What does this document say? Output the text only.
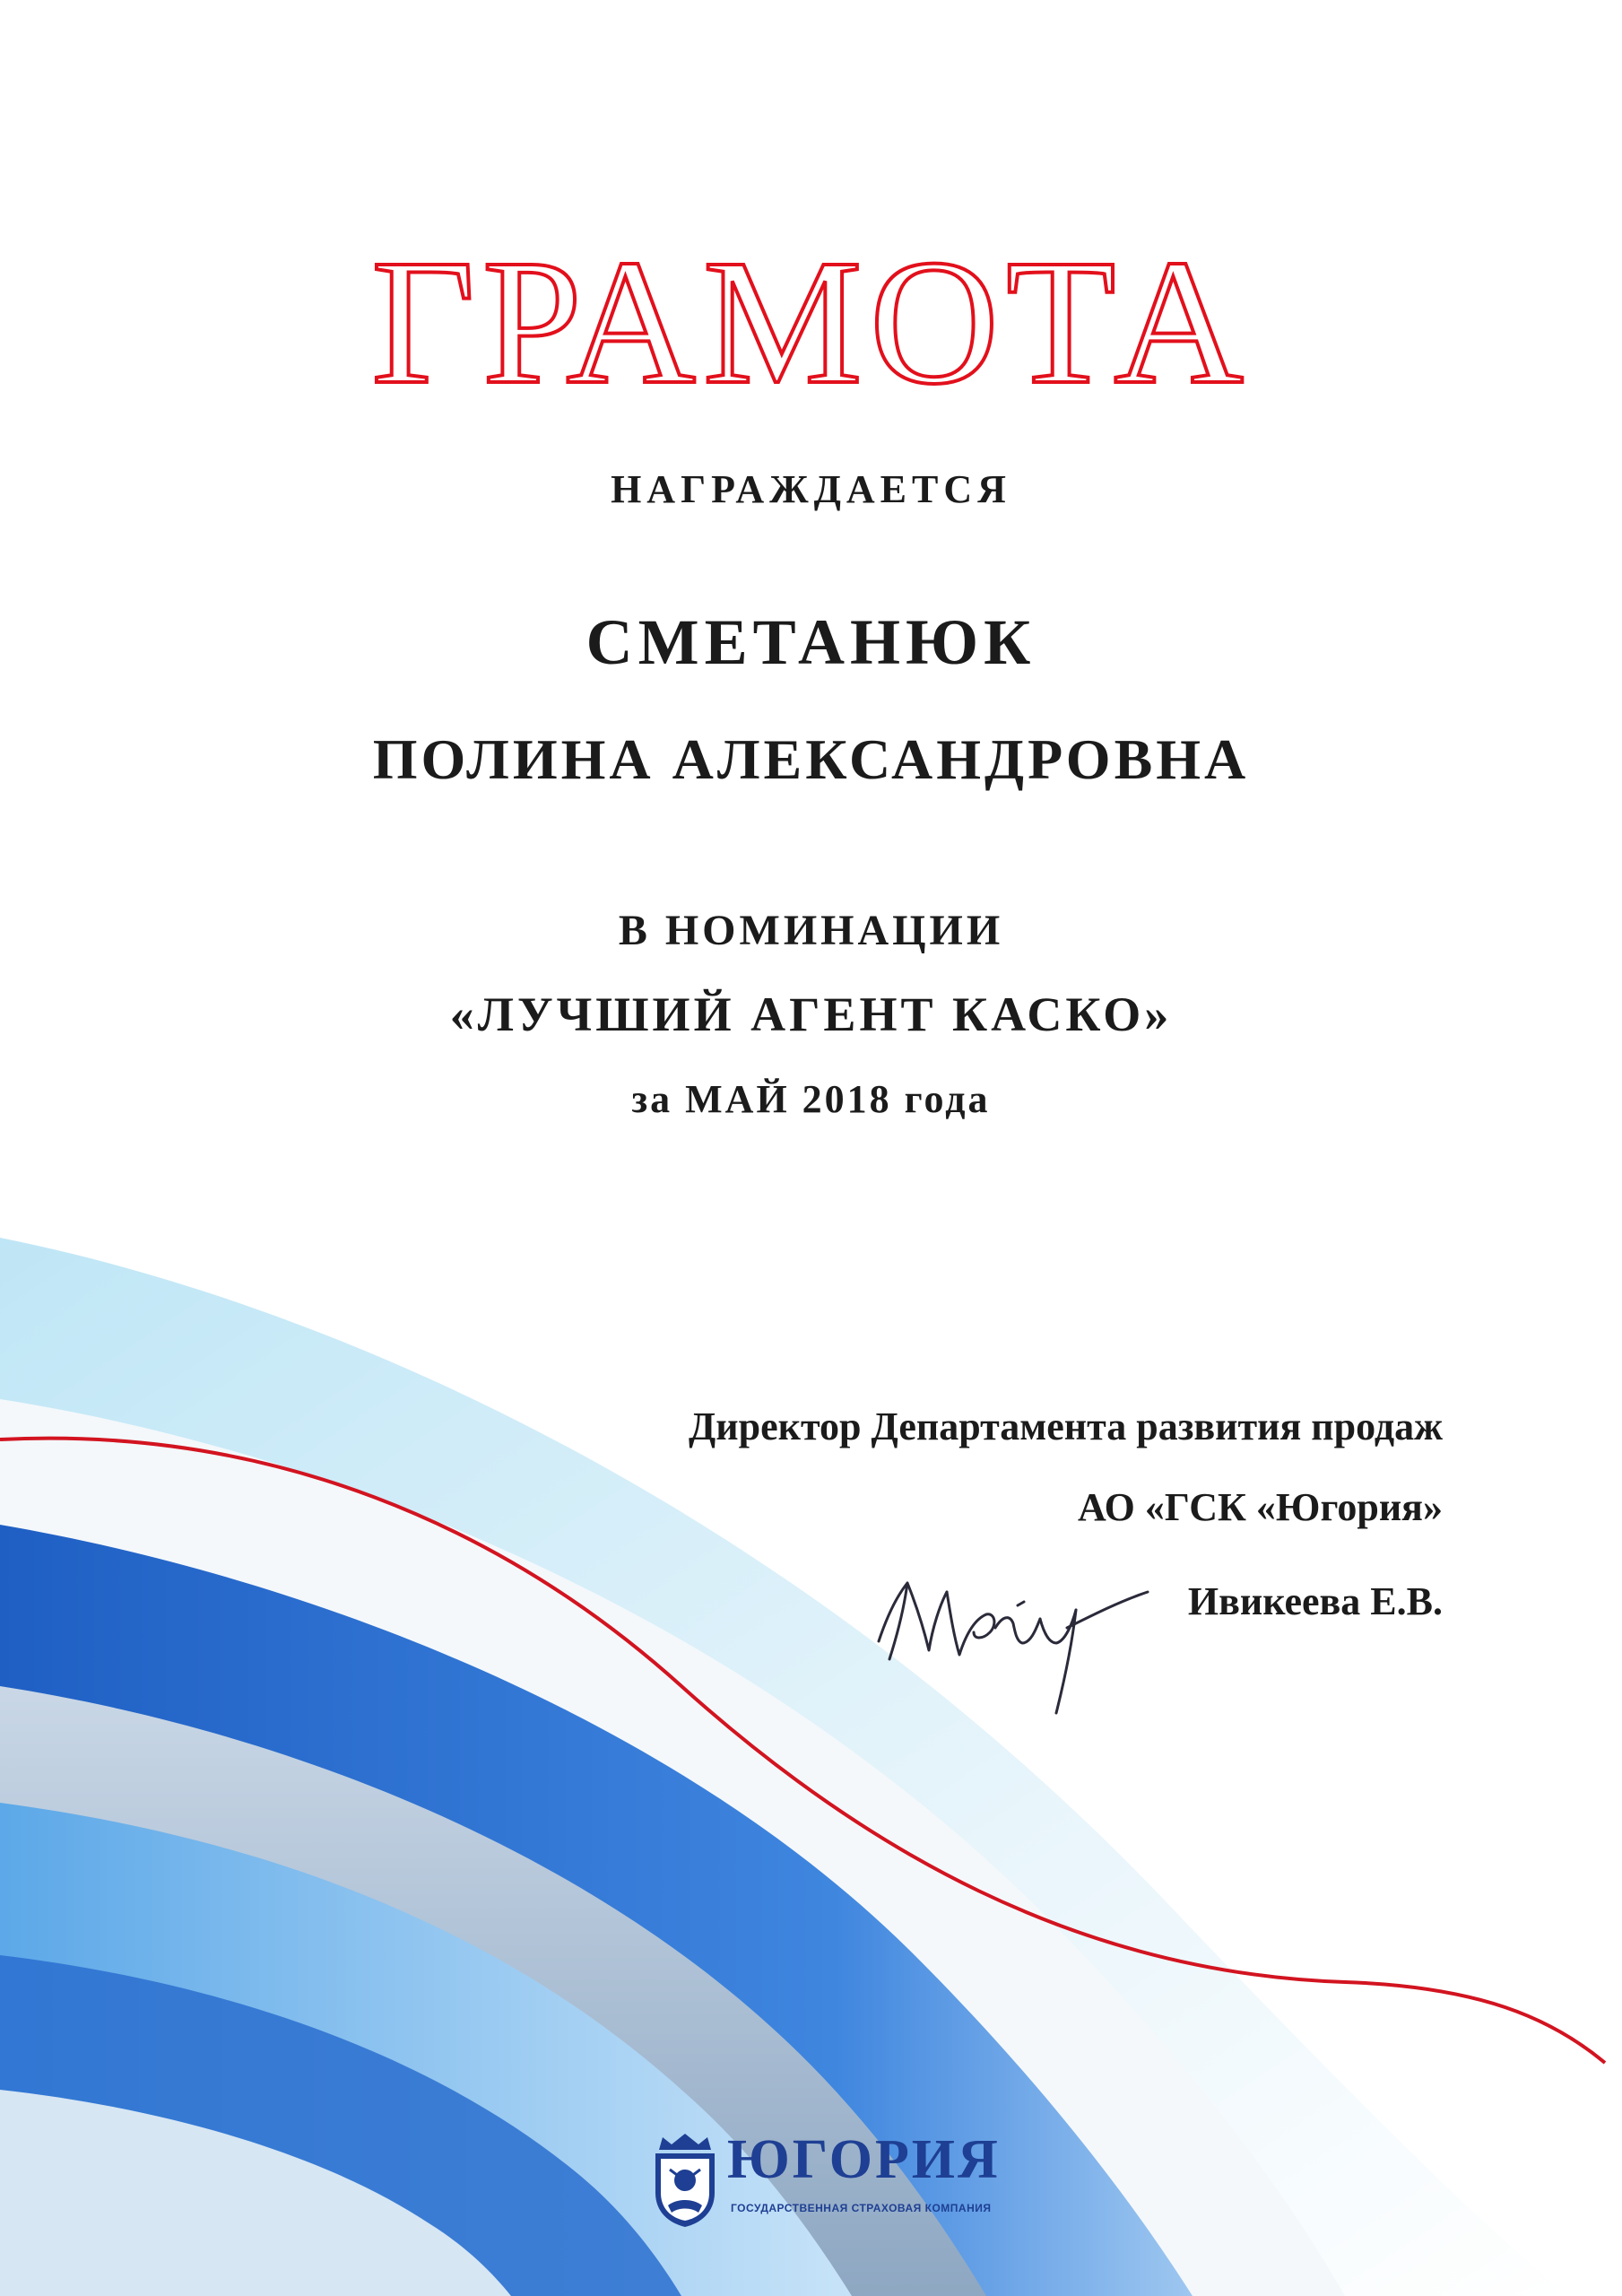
ГРАМОТА
НАГРАЖДАЕТСЯ
СМЕТАНЮК
ПОЛИНА АЛЕКСАНДРОВНА
В НОМИНАЦИИ
«ЛУЧШИЙ АГЕНТ КАСКО»
за МАЙ 2018 года
Директор Департамента развития продаж
АО «ГСК «Югория»
Ивикеева Е.В.
ЮГОРИЯ
ГОСУДАРСТВЕННАЯ СТРАХОВАЯ КОМПАНИЯ
